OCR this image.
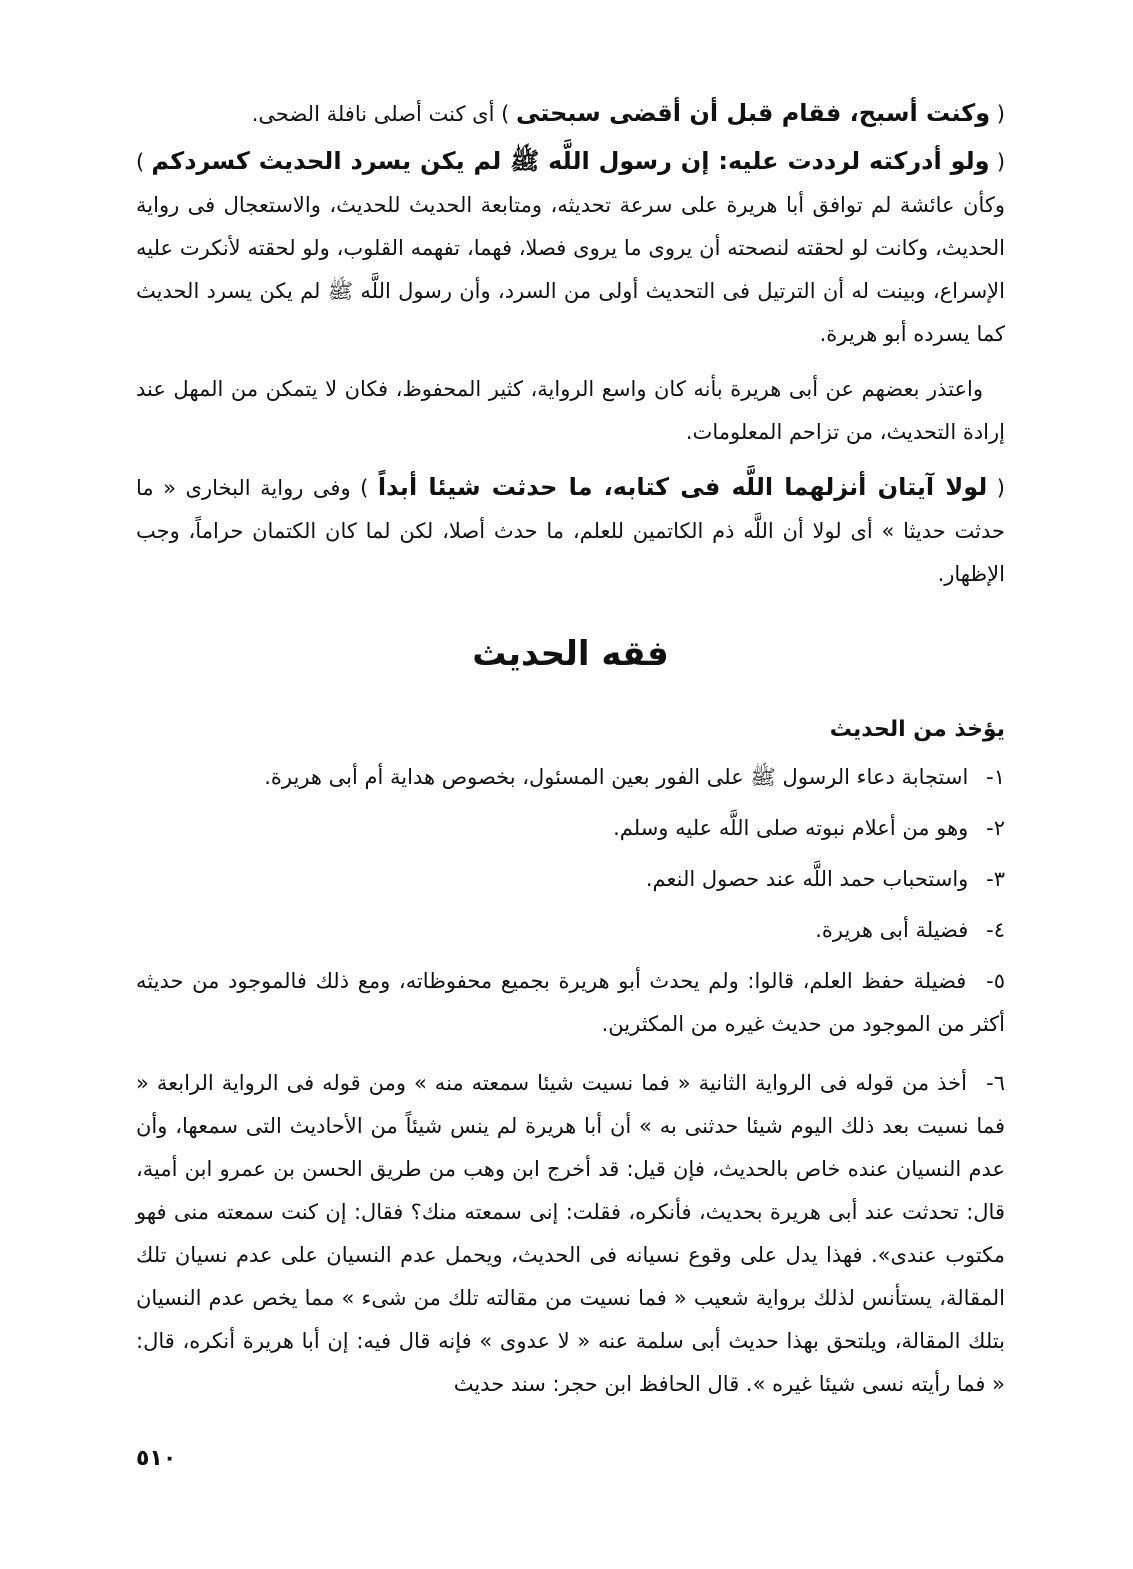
( وكنت أسبح، فقام قبل أن أقضى سبحتى ) أى كنت أصلى نافلة الضحى.

( ولو أدركته لرددت عليه: إن رسول اللَّه ﷺ لم يكن يسرد الحديث كسردكم ) وكأن عائشة لم توافق أبا هريرة على سرعة تحديثه، ومتابعة الحديث للحديث، والاستعجال فى رواية الحديث، وكانت لو لحقته لنصحته أن يروى ما يروى فصلا، فهما، تفهمه القلوب، ولو لحقته لأنكرت عليه الإسراع، وبينت له أن الترتيل فى التحديث أولى من السرد، وأن رسول اللَّه ﷺ لم يكن يسرد الحديث كما يسرده أبو هريرة.

واعتذر بعضهم عن أبى هريرة بأنه كان واسع الرواية، كثير المحفوظ، فكان لا يتمكن من المهل عند إرادة التحديث، من تزاحم المعلومات.

( لولا آيتان أنزلهما اللَّه فى كتابه، ما حدثت شيئا أبداً ) وفى رواية البخارى « ما حدثت حديثا » أى لولا أن اللَّه ذم الكاتمين للعلم، ما حدث أصلا، لكن لما كان الكتمان حراماً، وجب الإظهار.

فقه الحديث
يؤخذ من الحديث
١- استجابة دعاء الرسول ﷺ على الفور بعين المسئول، بخصوص هداية أم أبى هريرة.
٢- وهو من أعلام نبوته صلى اللَّه عليه وسلم.
٣- واستحباب حمد اللَّه عند حصول النعم.
٤- فضيلة أبى هريرة.
٥- فضيلة حفظ العلم، قالوا: ولم يحدث أبو هريرة بجميع محفوظاته، ومع ذلك فالموجود من حديثه أكثر من الموجود من حديث غيره من المكثرين.
٦- أخذ من قوله فى الرواية الثانية « فما نسيت شيئا سمعته منه » ومن قوله فى الرواية الرابعة « فما نسيت بعد ذلك اليوم شيئا حدثنى به » أن أبا هريرة لم ينس شيئاً من الأحاديث التى سمعها، وأن عدم النسيان عنده خاص بالحديث، فإن قيل: قد أخرج ابن وهب من طريق الحسن بن عمرو ابن أمية، قال: تحدثت عند أبى هريرة بحديث، فأنكره، فقلت: إنى سمعته منك؟ فقال: إن كنت سمعته منى فهو مكتوب عندى». فهذا يدل على وقوع نسيانه فى الحديث، ويحمل عدم النسيان على عدم نسيان تلك المقالة، يستأنس لذلك برواية شعيب « فما نسيت من مقالته تلك من شىء » مما يخص عدم النسيان بتلك المقالة، ويلتحق بهذا حديث أبى سلمة عنه « لا عدوى » فإنه قال فيه: إن أبا هريرة أنكره، قال: « فما رأيته نسى شيئا غيره ». قال الحافظ ابن حجر: سند حديث
٥١٠
